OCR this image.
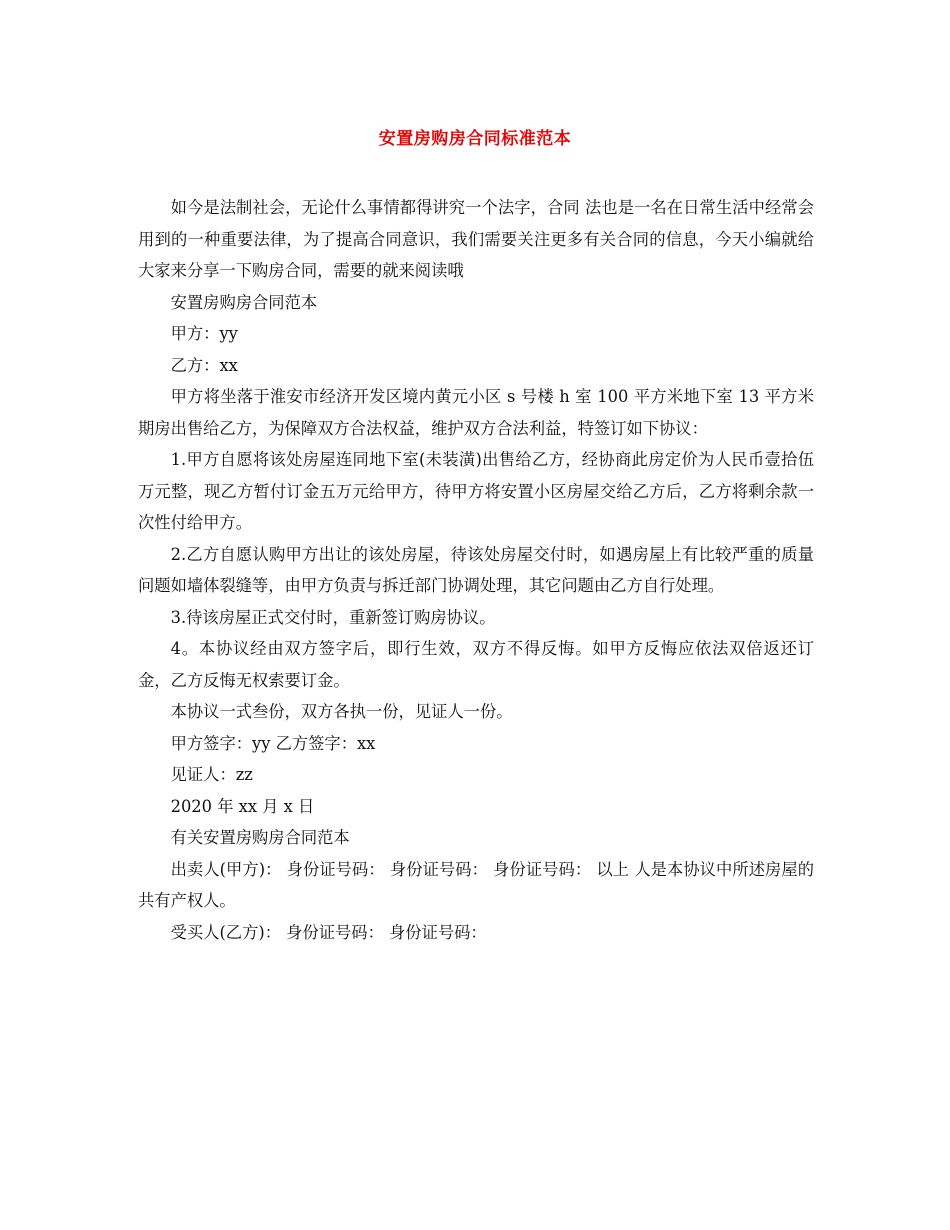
安置房购房合同标准范本

如今是法制社会，无论什么事情都得讲究一个法字，合同 法也是一名在日常生活中经常会用到的一种重要法律，为了提高合同意识，我们需要关注更多有关合同的信息，今天小编就给大家来分享一下购房合同，需要的就来阅读哦

安置房购房合同范本

甲方：yy

乙方：xx

甲方将坐落于淮安市经济开发区境内黄元小区 s 号楼 h 室 100 平方米地下室 13 平方米期房出售给乙方，为保障双方合法权益，维护双方合法利益，特签订如下协议：

1.甲方自愿将该处房屋连同地下室(未装潢)出售给乙方，经协商此房定价为人民币壹拾伍万元整，现乙方暂付订金五万元给甲方，待甲方将安置小区房屋交给乙方后，乙方将剩余款一次性付给甲方。

2.乙方自愿认购甲方出让的该处房屋，待该处房屋交付时，如遇房屋上有比较严重的质量问题如墙体裂缝等，由甲方负责与拆迁部门协调处理，其它问题由乙方自行处理。

3.待该房屋正式交付时，重新签订购房协议。

4。本协议经由双方签字后，即行生效，双方不得反悔。如甲方反悔应依法双倍返还订金，乙方反悔无权索要订金。

本协议一式叁份，双方各执一份，见证人一份。

甲方签字：yy 乙方签字：xx

见证人：zz

2020 年 xx 月 x 日

有关安置房购房合同范本

出卖人(甲方)： 身份证号码： 身份证号码： 身份证号码： 以上 人是本协议中所述房屋的共有产权人。

受买人(乙方)： 身份证号码： 身份证号码：
